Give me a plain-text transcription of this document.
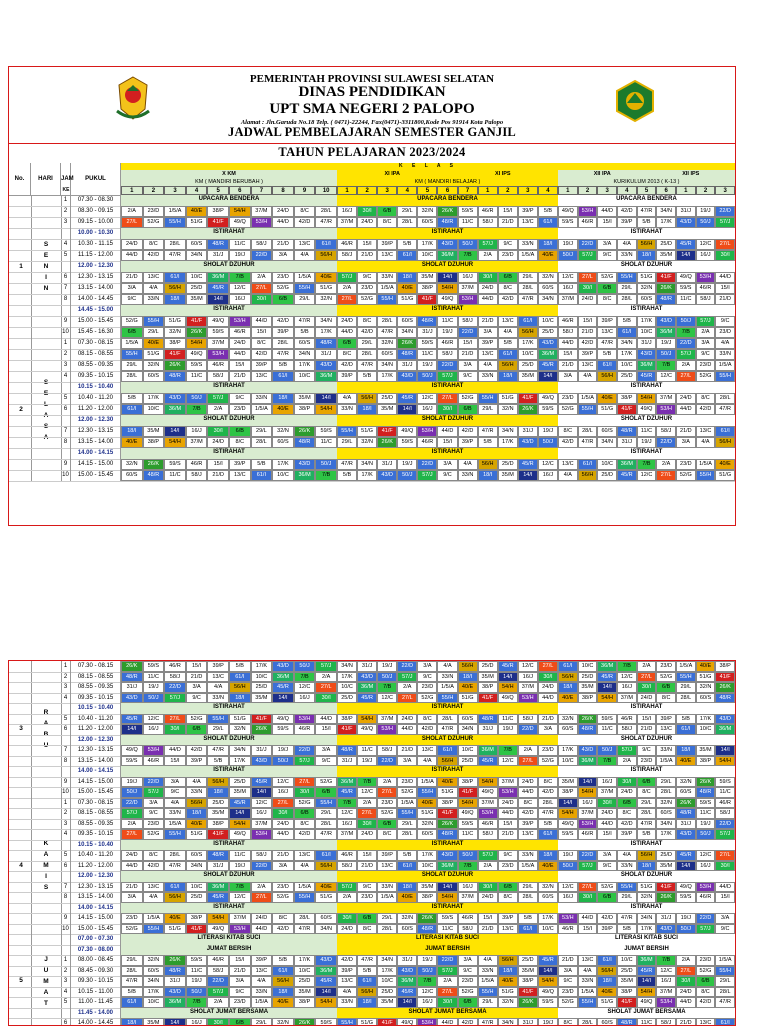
PEMERINTAH PROVINSI SULAWESI SELATAN
DINAS PENDIDIKAN
UPT SMA NEGERI 2 PALOPO
Alamat : Jln.Garuda No.18 Telp. ( 0471)-22244, Fax(0471)-3311800,Kode Pos 91914 Kota Palopo
JADWAL PEMBELAJARAN SEMESTER GANJIL
TAHUN PELAJARAN 2023/2024
No.	HARI	JAM	PUKUL
K E L A S
X KM
KM ( MANDIRI BERUBAH )
1	2	3	4	5	6	7	8	9	10
XI IPA	XI IPS
KM ( MANDIRI BELAJAR )
1	2	3	4	5	6	7	1	2	3	4
XII IPA	XII IPS
KURIKULUM 2013 ( K-13 )
1	2	3	4	5	6	1	2	3
KE
1
S
E
N
I
N
1	07.30 - 08.30	UPACARA BENDERA	UPACARA BENDERA	UPACARA BENDERA
2	08.30 - 09.15	2/A	23/D	1/5/A	40/E	38/P	54/H	37/M	24/D	8/C	28/L	16/J	30/I	6/B	29/L	32/N	26/K	59/S	46/R	15/I	39/P	5/B	49/Q	53/H	44/D	42/D	47/R	34/N	31/J	19/J	22/D
3	09.15 - 10.00	27/L	52/G	55/H	51/G	41/F	49/Q	53/H	44/D	42/D	47/R	37/M	24/D	8/C	28/L	60/S	48/R	11/C	58/J	21/D	13/C	61/I	59/S	46/R	15/I	39/P	5/B	17/K	43/D	50/J	57/J
10.00 - 10.30	ISTIRAHAT	ISTIRAHAT	ISTIRAHAT
4	10.30 - 11.15	24/D	8/C	28/L	60/S	48/R	11/C	58/J	21/D	13/C	61/I	46/R	15/I	39/P	5/B	17/K	43/D	50/J	57/J	9/C	33/N	18/I	19/J	22/D	3/A	4/A	56/H	25/D	45/R	12/C	27/L
5	11.15 - 12.00	44/D	42/D	47/R	34/N	31/J	19/J	22/D	3/A	4/A	56/H	58/J	21/D	13/C	61/I	10/C	36/M	7/B	2/A	23/D	1/5/A	40/E	50/J	57/J	9/C	33/N	18/I	35/M	14/I	16/J	30/I
12.00 - 12.30	SHOLAT DZUHUR	SHOLAT DZUHUR	SHOLAT DZUHUR
6	12.30 - 13.15	21/D	13/C	61/I	10/C	36/M	7/B	2/A	23/D	1/5/A	40/E	57/J	9/C	33/N	18/I	35/M	14/I	16/J	30/I	6/B	29/L	32/N	12/C	27/L	52/G	55/H	51/G	41/F	49/Q	53/H	44/D
7	13.15 - 14.00	3/A	4/A	56/H	25/D	45/R	12/C	27/L	52/G	55/H	51/G	2/A	23/D	1/5/A	40/E	38/P	54/H	37/M	24/D	8/C	28/L	60/S	16/J	30/I	6/B	29/L	32/N	26/K	59/S	46/R	15/I
8	14.00 - 14.45	9/C	33/N	18/I	35/M	14/I	16/J	30/I	6/B	29/L	32/N	27/L	52/G	55/H	51/G	41/F	49/Q	53/H	44/D	42/D	47/R	34/N	37/M	24/D	8/C	28/L	60/S	48/R	11/C	58/J	21/D
14.45 - 15.00	ISTIRAHAT	ISTIRAHAT	ISTIRAHAT
9	15.00 - 15.45	52/G	55/H	51/G	41/F	49/Q	53/H	44/D	42/D	47/R	34/N	24/D	8/C	28/L	60/S	48/R	11/C	58/J	21/D	13/C	61/I	10/C	46/R	15/I	39/P	5/B	17/K	43/D	50/J	57/J	9/C
10	15.45 - 16.30	6/B	29/L	32/N	26/K	59/S	46/R	15/I	39/P	5/B	17/K	44/D	42/D	47/R	34/N	31/J	19/J	22/D	3/A	4/A	56/H	25/D	58/J	21/D	13/C	61/I	10/C	36/M	7/B	2/A	23/D
2
S
E
L
A
S
A
1	07.30 - 08.15	1/5/A	40/E	38/P	54/H	37/M	24/D	8/C	28/L	60/S	48/R	6/B	29/L	32/N	26/K	59/S	46/R	15/I	39/P	5/B	17/K	43/D	44/D	42/D	47/R	34/N	31/J	19/J	22/D	3/A	4/A
2	08.15 - 08.55	55/H	51/G	41/F	49/Q	53/H	44/D	42/D	47/R	34/N	31/J	8/C	28/L	60/S	48/R	11/C	58/J	21/D	13/C	61/I	10/C	36/M	15/I	39/P	5/B	17/K	43/D	50/J	57/J	9/C	33/N
3	08.55 - 09.35	29/L	32/N	26/K	59/S	46/R	15/I	39/P	5/B	17/K	43/D	42/D	47/R	34/N	31/J	19/J	22/D	3/A	4/A	56/H	25/D	45/R	21/D	13/C	61/I	10/C	36/M	7/B	2/A	23/D	1/5/A
4	09.35 - 10.15	28/L	60/S	48/R	11/C	58/J	21/D	13/C	61/I	10/C	36/M	39/P	5/B	17/K	43/D	50/J	57/J	9/C	33/N	18/I	35/M	14/I	3/A	4/A	56/H	25/D	45/R	12/C	27/L	52/G	55/H
10.15 - 10.40	ISTIRAHAT	ISTIRAHAT	ISTIRAHAT
5	10.40 - 11.20	5/B	17/K	43/D	50/J	57/J	9/C	33/N	18/I	35/M	14/I	4/A	56/H	25/D	45/R	12/C	27/L	52/G	55/H	51/G	41/F	49/Q	23/D	1/5/A	40/E	38/P	54/H	37/M	24/D	8/C	28/L
6	11.20 - 12.00	61/I	10/C	36/M	7/B	2/A	23/D	1/5/A	40/E	38/P	54/H	33/N	18/I	35/M	14/I	16/J	30/I	6/B	29/L	32/N	26/K	59/S	52/G	55/H	51/G	41/F	49/Q	53/H	44/D	42/D	47/R
12.00 - 12.30	SHOLAT DZUHUR	SHOLAT DZUHUR	SHOLAT DZUHUR
7	12.30 - 13.15	18/I	35/M	14/I	16/J	30/I	6/B	29/L	32/N	26/K	59/S	55/H	51/G	41/F	49/Q	53/H	44/D	42/D	47/R	34/N	31/J	19/J	8/C	28/L	60/S	48/R	11/C	58/J	21/D	13/C	61/I
8	13.15 - 14.00	40/E	38/P	54/H	37/M	24/D	8/C	28/L	60/S	48/R	11/C	29/L	32/N	26/K	59/S	46/R	15/I	39/P	5/B	17/K	43/D	50/J	42/D	47/R	34/N	31/J	19/J	22/D	3/A	4/A	56/H
14.00 - 14.15	ISTIRAHAT	ISTIRAHAT	ISTIRAHAT
9	14.15 - 15.00	32/N	26/K	59/S	46/R	15/I	39/P	5/B	17/K	43/D	50/J	47/R	34/N	31/J	19/J	22/D	3/A	4/A	56/H	25/D	45/R	12/C	13/C	61/I	10/C	36/M	7/B	2/A	23/D	1/5/A	40/E
10	15.00 - 15.45	60/S	48/R	11/C	58/J	21/D	13/C	61/I	10/C	36/M	7/B	5/B	17/K	43/D	50/J	57/J	9/C	33/N	18/I	35/M	14/I	16/J	4/A	56/H	25/D	45/R	12/C	27/L	52/G	55/H	51/G
3
R
A
B
U
1	07.30 - 08.15	26/K	59/S	46/R	15/I	39/P	5/B	17/K	43/D	50/J	57/J	34/N	31/J	19/J	22/D	3/A	4/A	56/H	25/D	45/R	12/C	27/L	61/I	10/C	36/M	7/B	2/A	23/D	1/5/A	40/E	38/P
2	08.15 - 08.55	48/R	11/C	58/J	21/D	13/C	61/I	10/C	36/M	7/B	2/A	17/K	43/D	50/J	57/J	9/C	33/N	18/I	35/M	14/I	16/J	30/I	56/H	25/D	45/R	12/C	27/L	52/G	55/H	51/G	41/F
3	08.55 - 09.35	31/J	19/J	22/D	3/A	4/A	56/H	25/D	45/R	12/C	27/L	10/C	36/M	7/B	2/A	23/D	1/5/A	40/E	38/P	54/H	37/M	24/D	18/I	35/M	14/I	16/J	30/I	6/B	29/L	32/N	26/K
4	09.35 - 10.15	43/D	50/J	57/J	9/C	33/N	18/I	35/M	14/I	16/J	30/I	25/D	45/R	12/C	27/L	52/G	55/H	51/G	41/F	49/Q	53/H	44/D	40/E	38/P	54/H	37/M	24/D	8/C	28/L	60/S	48/R
10.15 - 10.40	ISTIRAHAT	ISTIRAHAT	ISTIRAHAT
5	10.40 - 11.20	45/R	12/C	27/L	52/G	55/H	51/G	41/F	49/Q	53/H	44/D	38/P	54/H	37/M	24/D	8/C	28/L	60/S	48/R	11/C	58/J	21/D	32/N	26/K	59/S	46/R	15/I	39/P	5/B	17/K	43/D
6	11.20 - 12.00	14/I	16/J	30/I	6/B	29/L	32/N	26/K	59/S	46/R	15/I	41/F	49/Q	53/H	44/D	42/D	47/R	34/N	31/J	19/J	22/D	3/A	60/S	48/R	11/C	58/J	21/D	13/C	61/I	10/C	36/M
12.00 - 12.30	SHOLAT DZUHUR	SHOLAT DZUHUR	SHOLAT DZUHUR
7	12.30 - 13.15	49/Q	53/H	44/D	42/D	47/R	34/N	31/J	19/J	22/D	3/A	48/R	11/C	58/J	21/D	13/C	61/I	10/C	36/M	7/B	2/A	23/D	17/K	43/D	50/J	57/J	9/C	33/N	18/I	35/M	14/I
8	13.15 - 14.00	59/S	46/R	15/I	39/P	5/B	17/K	43/D	50/J	57/J	9/C	31/J	19/J	22/D	3/A	4/A	56/H	25/D	45/R	12/C	27/L	52/G	10/C	36/M	7/B	2/A	23/D	1/5/A	40/E	38/P	54/H
14.00 - 14.15	ISTIRAHAT	ISTIRAHAT	ISTIRAHAT
9	14.15 - 15.00	19/J	22/D	3/A	4/A	56/H	25/D	45/R	12/C	27/L	52/G	36/M	7/B	2/A	23/D	1/5/A	40/E	38/P	54/H	37/M	24/D	8/C	35/M	14/I	16/J	30/I	6/B	29/L	32/N	26/K	59/S
10	15.00 - 15.45	50/J	57/J	9/C	33/N	18/I	35/M	14/I	16/J	30/I	6/B	45/R	12/C	27/L	52/G	55/H	51/G	41/F	49/Q	53/H	44/D	42/D	38/P	54/H	37/M	24/D	8/C	28/L	60/S	48/R	11/C
4
K
A
M
I
S
1	07.30 - 08.15	22/D	3/A	4/A	56/H	25/D	45/R	12/C	27/L	52/G	55/H	7/B	2/A	23/D	1/5/A	40/E	38/P	54/H	37/M	24/D	8/C	28/L	14/I	16/J	30/I	6/B	29/L	32/N	26/K	59/S	46/R
2	08.15 - 08.55	57/J	9/C	33/N	18/I	35/M	14/I	16/J	30/I	6/B	29/L	12/C	27/L	52/G	55/H	51/G	41/F	49/Q	53/H	44/D	42/D	47/R	54/H	37/M	24/D	8/C	28/L	60/S	48/R	11/C	58/J
3	08.55 - 09.35	2/A	23/D	1/5/A	40/E	38/P	54/H	37/M	24/D	8/C	28/L	16/J	30/I	6/B	29/L	32/N	26/K	59/S	46/R	15/I	39/P	5/B	49/Q	53/H	44/D	42/D	47/R	34/N	31/J	19/J	22/D
4	09.35 - 10.15	27/L	52/G	55/H	51/G	41/F	49/Q	53/H	44/D	42/D	47/R	37/M	24/D	8/C	28/L	60/S	48/R	11/C	58/J	21/D	13/C	61/I	59/S	46/R	15/I	39/P	5/B	17/K	43/D	50/J	57/J
10.15 - 10.40	ISTIRAHAT	ISTIRAHAT	ISTIRAHAT
5	10.40 - 11.20	24/D	8/C	28/L	60/S	48/R	11/C	58/J	21/D	13/C	61/I	46/R	15/I	39/P	5/B	17/K	43/D	50/J	57/J	9/C	33/N	18/I	19/J	22/D	3/A	4/A	56/H	25/D	45/R	12/C	27/L
6	11.20 - 12.00	44/D	42/D	47/R	34/N	31/J	19/J	22/D	3/A	4/A	56/H	58/J	21/D	13/C	61/I	10/C	36/M	7/B	2/A	23/D	1/5/A	40/E	50/J	57/J	9/C	33/N	18/I	35/M	14/I	16/J	30/I
12.00 - 12.30	SHOLAT DZUHUR	SHOLAT DZUHUR	SHOLAT DZUHUR
7	12.30 - 13.15	21/D	13/C	61/I	10/C	36/M	7/B	2/A	23/D	1/5/A	40/E	57/J	9/C	33/N	18/I	35/M	14/I	16/J	30/I	6/B	29/L	32/N	12/C	27/L	52/G	55/H	51/G	41/F	49/Q	53/H	44/D
8	13.15 - 14.00	3/A	4/A	56/H	25/D	45/R	12/C	27/L	52/G	55/H	51/G	2/A	23/D	1/5/A	40/E	38/P	54/H	37/M	24/D	8/C	28/L	60/S	16/J	30/I	6/B	29/L	32/N	26/K	59/S	46/R	15/I
14.00 - 14.15	ISTIRAHAT	ISTIRAHAT	ISTIRAHAT
9	14.15 - 15.00	23/D	1/5/A	40/E	38/P	54/H	37/M	24/D	8/C	28/L	60/S	30/I	6/B	29/L	32/N	26/K	59/S	46/R	15/I	39/P	5/B	17/K	53/H	44/D	42/D	47/R	34/N	31/J	19/J	22/D	3/A
10	15.00 - 15.45	52/G	55/H	51/G	41/F	49/Q	53/H	44/D	42/D	47/R	34/N	24/D	8/C	28/L	60/S	48/R	11/C	58/J	21/D	13/C	61/I	10/C	46/R	15/I	39/P	5/B	17/K	43/D	50/J	57/J	9/C
5
J
U
M
A
T
07.00 - 07.30	LITERASI KITAB SUCI	LITERASI KITAB SUCI	LITERASI KITAB SUCI
07.30 - 08.00	JUMAT BERSIH	JUMAT BERSIH	JUMAT BERSIH
1	08.00 - 08.45	29/L	32/N	26/K	59/S	46/R	15/I	39/P	5/B	17/K	43/D	42/D	47/R	34/N	31/J	19/J	22/D	3/A	4/A	56/H	25/D	45/R	21/D	13/C	61/I	10/C	36/M	7/B	2/A	23/D	1/5/A
2	08.45 - 09.30	28/L	60/S	48/R	11/C	58/J	21/D	13/C	61/I	10/C	36/M	39/P	5/B	17/K	43/D	50/J	57/J	9/C	33/N	18/I	35/M	14/I	3/A	4/A	56/H	25/D	45/R	12/C	27/L	52/G	55/H
3	09.30 - 10.15	47/R	34/N	31/J	19/J	22/D	3/A	4/A	56/H	25/D	45/R	13/C	61/I	10/C	36/M	7/B	2/A	23/D	1/5/A	40/E	38/P	54/H	9/C	33/N	18/I	35/M	14/I	16/J	30/I	6/B	29/L
4	10.15 - 11.00	5/B	17/K	43/D	50/J	57/J	9/C	33/N	18/I	35/M	14/I	4/A	56/H	25/D	45/R	12/C	27/L	52/G	55/H	51/G	41/F	49/Q	23/D	1/5/A	40/E	38/P	54/H	37/M	24/D	8/C	28/L
5	11.00 - 11.45	61/I	10/C	36/M	7/B	2/A	23/D	1/5/A	40/E	38/P	54/H	33/N	18/I	35/M	14/I	16/J	30/I	6/B	29/L	32/N	26/K	59/S	52/G	55/H	51/G	41/F	49/Q	53/H	44/D	42/D	47/R
11.45 - 14.00	SHOLAT JUMAT BERSAMA	SHOLAT JUMAT BERSAMA	SHOLAT JUMAT BERSAMA
6	14.00 - 14.45	18/I	35/M	14/I	16/J	30/I	6/B	29/L	32/N	26/K	59/S	55/H	51/G	41/F	49/Q	53/H	44/D	42/D	47/R	34/N	31/J	19/J	8/C	28/L	60/S	48/R	11/C	58/J	21/D	13/C	61/I
